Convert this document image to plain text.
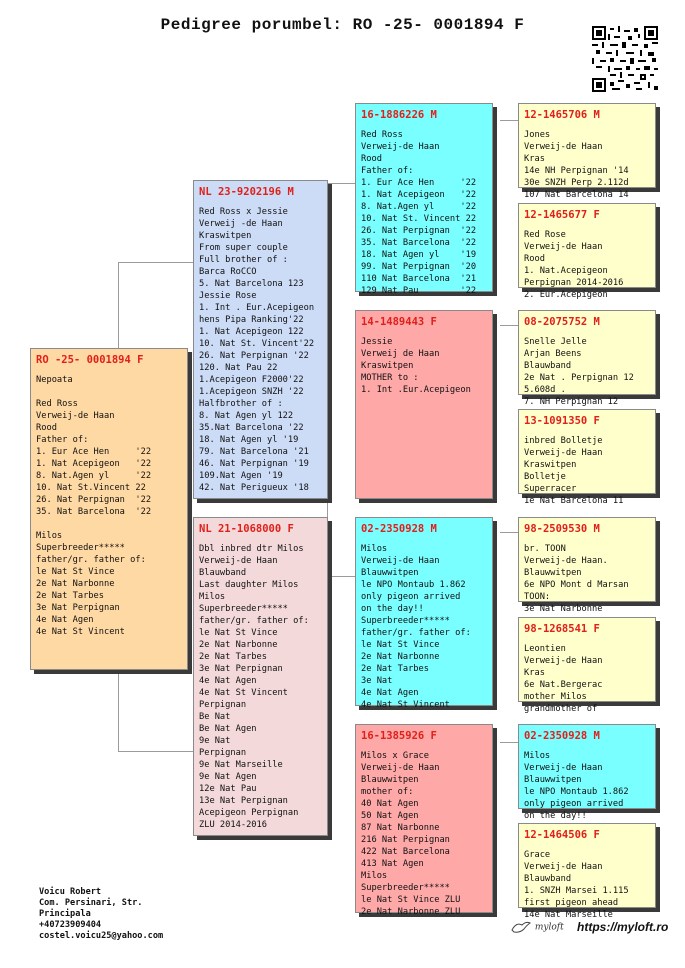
Pedigree porumbel: RO -25- 0001894 F
RO -25- 0001894 F
Nepoata

Red Ross
Verweij-de Haan
Rood
Father of:
1. Eur Ace Hen     '22
1. Nat Acepigeon   '22
8. Nat.Agen yl     '22
10. Nat St.Vincent 22
26. Nat Perpignan  '22
35. Nat Barcelona  '22

Milos
Superbreeder*****
father/gr. father of:
le Nat St Vince
2e Nat Narbonne
2e Nat Tarbes
3e Nat Perpignan
4e Nat Agen
4e Nat St Vincent
NL 23-9202196 M
Red Ross x Jessie
Verweij -de Haan
Kraswitpen
From super couple
Full brother of :
Barca RoCCO
5. Nat Barcelona 123
Jessie Rose
1. Int . Eur.Acepigeon
hens Pipa Ranking'22
1. Nat Acepigeon 122
10. Nat St. Vincent'22
26. Nat Perpignan '22
120. Nat Pau 22
1.Acepigeon F2000'22
1.Acepigeon SNZH '22
Halfbrother of :
8. Nat Agen yl 122
35.Nat Barcelona '22
18. Nat Agen yl '19
79. Nat Barcelona '21
46. Nat Perpignan '19
109.Nat Agen '19
42. Nat Perigueux '18
NL 21-1068000 F
Dbl inbred dtr Milos
Verweij-de Haan
Blauwband
Last daughter Milos
Milos
Superbreeder*****
father/gr. father of:
le Nat St Vince
2e Nat Narbonne
2e Nat Tarbes
3e Nat Perpignan
4e Nat Agen
4e Nat St Vincent
Perpignan
Be Nat
Be Nat Agen
9e Nat
Perpignan
9e Nat Marseille
9e Nat Agen
12e Nat Pau
13e Nat Perpignan
Acepigeon Perpignan
ZLU 2014-2016
16-1886226 M
Red Ross
Verweij-de Haan
Rood
Father of:
1. Eur Ace Hen     '22
1. Nat Acepigeon   '22
8. Nat.Agen yl     '22
10. Nat St. Vincent 22
26. Nat Perpignan  '22
35. Nat Barcelona  '22
18. Nat Agen yl    '19
99. Nat Perpignan  '20
110 Nat Barcelona  '21
129 Nat Pau        '22
14-1489443 F
Jessie
Verweij de Haan
Kraswitpen
MOTHER to :
1. Int .Eur.Acepigeon
02-2350928 M
Milos
Verweij-de Haan
Blauwwitpen
le NPO Montaub 1.862
only pigeon arrived
on the day!!
Superbreeder*****
father/gr. father of:
le Nat St Vince
2e Nat Narbonne
2e Nat Tarbes
3e Nat
4e Nat Agen
4e Nat St Vincent
16-1385926 F
Milos x Grace
Verweij-de Haan
Blauwwitpen
mother of:
40 Nat Agen
50 Nat Agen
87 Nat Narbonne
216 Nat Perpignan
422 Nat Barcelona
413 Nat Agen
Milos
Superbreeder*****
le Nat St Vince ZLU
2e Nat Narbonne ZLU
12-1465706 M
Jones
Verweij-de Haan
Kras
14e NH Perpignan '14
30e SNZH Perp 2.112d
107 Nat Barcelona 14
12-1465677 F
Red Rose
Verweij-de Haan
Rood
1. Nat.Acepigeon
Perpignan 2014-2016
2. Eur.Acepigeon
08-2075752 M
Snelle Jelle
Arjan Beens
Blauwband
2e Nat . Perpignan 12
5.608d .
7. NH Perpignan 12
13-1091350 F
inbred Bolletje
Verweij-de Haan
Kraswitpen
Bolletje
Superracer
1e Nat Barcelona 11
98-2509530 M
br. TOON
Verweij-de Haan.
Blauwwitpen
6e NPO Mont d Marsan
TOON:
3e Nat Narbonne
98-1268541 F
Leontien
Verweij-de Haan
Kras
6e Nat.Bergerac
mother Milos
grandmother of
02-2350928 M
Milos
Verweij-de Haan
Blauwwitpen
le NPO Montaub 1.862
only pigeon arrived
on the day!!
12-1464506 F
Grace
Verweij-de Haan
Blauwband
1. SNZH Marsei 1.115
first pigeon ahead
14e Nat Marseille
Voicu Robert
Com. Persinari, Str.
Principala
+40723909404
costel.voicu25@yahoo.com
myloft https://myloft.ro
